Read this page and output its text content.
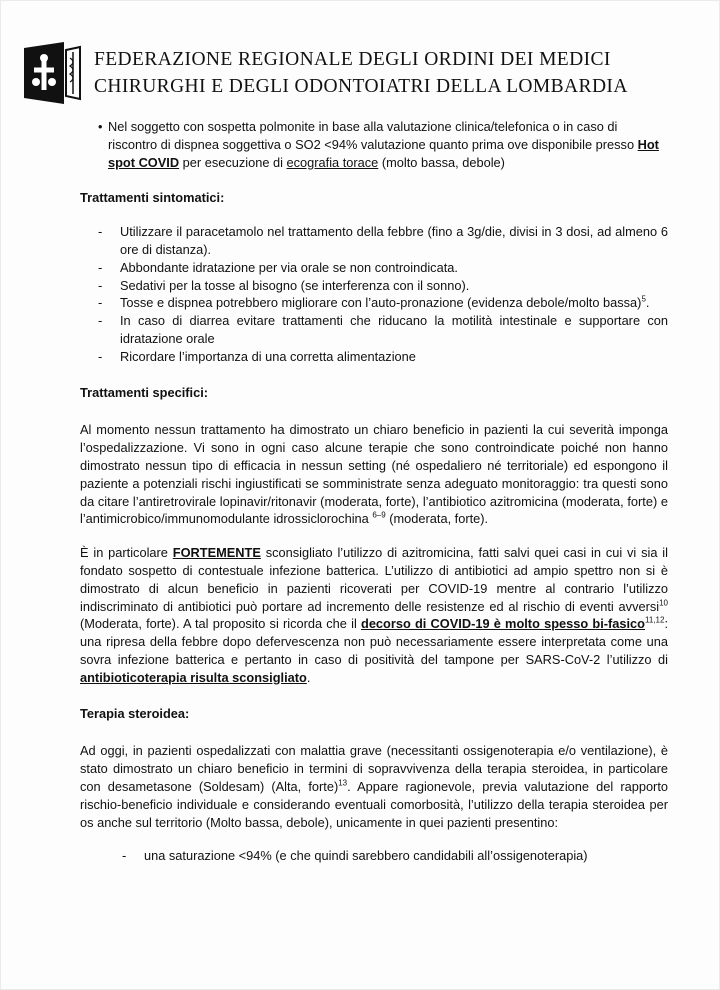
FEDERAZIONE REGIONALE DEGLI ORDINI DEI MEDICI
CHIRURGHI E DEGLI ODONTOIATRI DELLA LOMBARDIA

• Nel soggetto con sospetta polmonite in base alla valutazione clinica/telefonica o in caso di riscontro di dispnea soggettiva o SO2 <94% valutazione quanto prima ove disponibile presso Hot spot COVID per esecuzione di ecografia torace (molto bassa, debole)

Trattamenti sintomatici:

- Utilizzare il paracetamolo nel trattamento della febbre (fino a 3g/die, divisi in 3 dosi, ad almeno 6 ore di distanza).
- Abbondante idratazione per via orale se non controindicata.
- Sedativi per la tosse al bisogno (se interferenza con il sonno).
- Tosse e dispnea potrebbero migliorare con l’auto-pronazione (evidenza debole/molto bassa)$^5$.
- In caso di diarrea evitare trattamenti che riducano la motilità intestinale e supportare con idratazione orale
- Ricordare l’importanza di una corretta alimentazione

Trattamenti specifici:

Al momento nessun trattamento ha dimostrato un chiaro beneficio in pazienti la cui severità imponga l’ospedalizzazione. Vi sono in ogni caso alcune terapie che sono controindicate poiché non hanno dimostrato nessun tipo di efficacia in nessun setting (né ospedaliero né territoriale) ed espongono il paziente a potenziali rischi ingiustificati se somministrate senza adeguato monitoraggio: tra questi sono da citare l’antiretrovirale lopinavir/ritonavir (moderata, forte), l’antibiotico azitromicina (moderata, forte) e l’antimicrobico/immunomodulante idrossiclorochina $^{6-9}$ (moderata, forte).

È in particolare FORTEMENTE sconsigliato l’utilizzo di azitromicina, fatti salvi quei casi in cui vi sia il fondato sospetto di contestuale infezione batterica. L’utilizzo di antibiotici ad ampio spettro non si è dimostrato di alcun beneficio in pazienti ricoverati per COVID-19 mentre al contrario l’utilizzo indiscriminato di antibiotici può portare ad incremento delle resistenze ed al rischio di eventi avversi$^{10}$ (Moderata, forte). A tal proposito si ricorda che il decorso di COVID-19 è molto spesso bi-fasico$^{11,12}$: una ripresa della febbre dopo defervescenza non può necessariamente essere interpretata come una sovra infezione batterica e pertanto in caso di positività del tampone per SARS-CoV-2 l’utilizzo di antibioticoterapia risulta sconsigliato.

Terapia steroidea:

Ad oggi, in pazienti ospedalizzati con malattia grave (necessitanti ossigenoterapia e/o ventilazione), è stato dimostrato un chiaro beneficio in termini di sopravvivenza della terapia steroidea, in particolare con desametasone (Soldesam) (Alta, forte)$^{13}$. Appare ragionevole, previa valutazione del rapporto rischio-beneficio individuale e considerando eventuali comorbosità, l’utilizzo della terapia steroidea per os anche sul territorio (Molto bassa, debole), unicamente in quei pazienti presentino:

- una saturazione <94% (e che quindi sarebbero candidabili all’ossigenoterapia)
